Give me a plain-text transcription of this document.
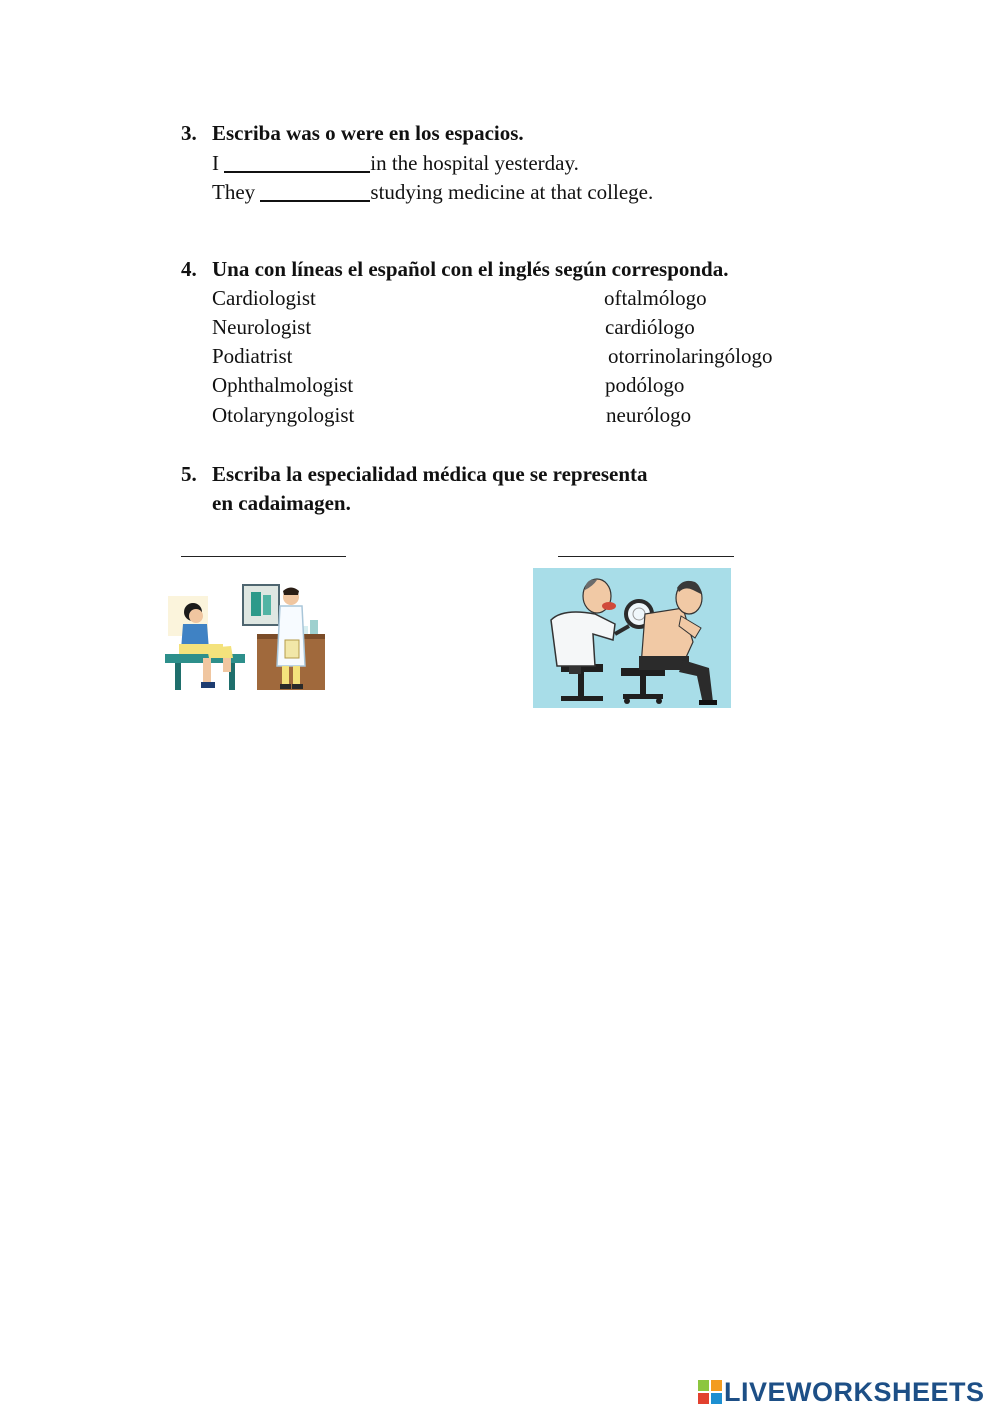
3. Escriba was o were en los espacios.
I	in the hospital yesterday.
They	studying medicine at that college.
4. Una con líneas el español con el inglés según corresponda.
Cardiologist
Neurologist
Podiatrist
Ophthalmologist
Otolaryngologist
oftalmólogo
cardiólogo
otorrinolaringólogo
podólogo
neurólogo
5. Escriba la especialidad médica que se representa
en cadaimagen.
LIVEWORKSHEETS
